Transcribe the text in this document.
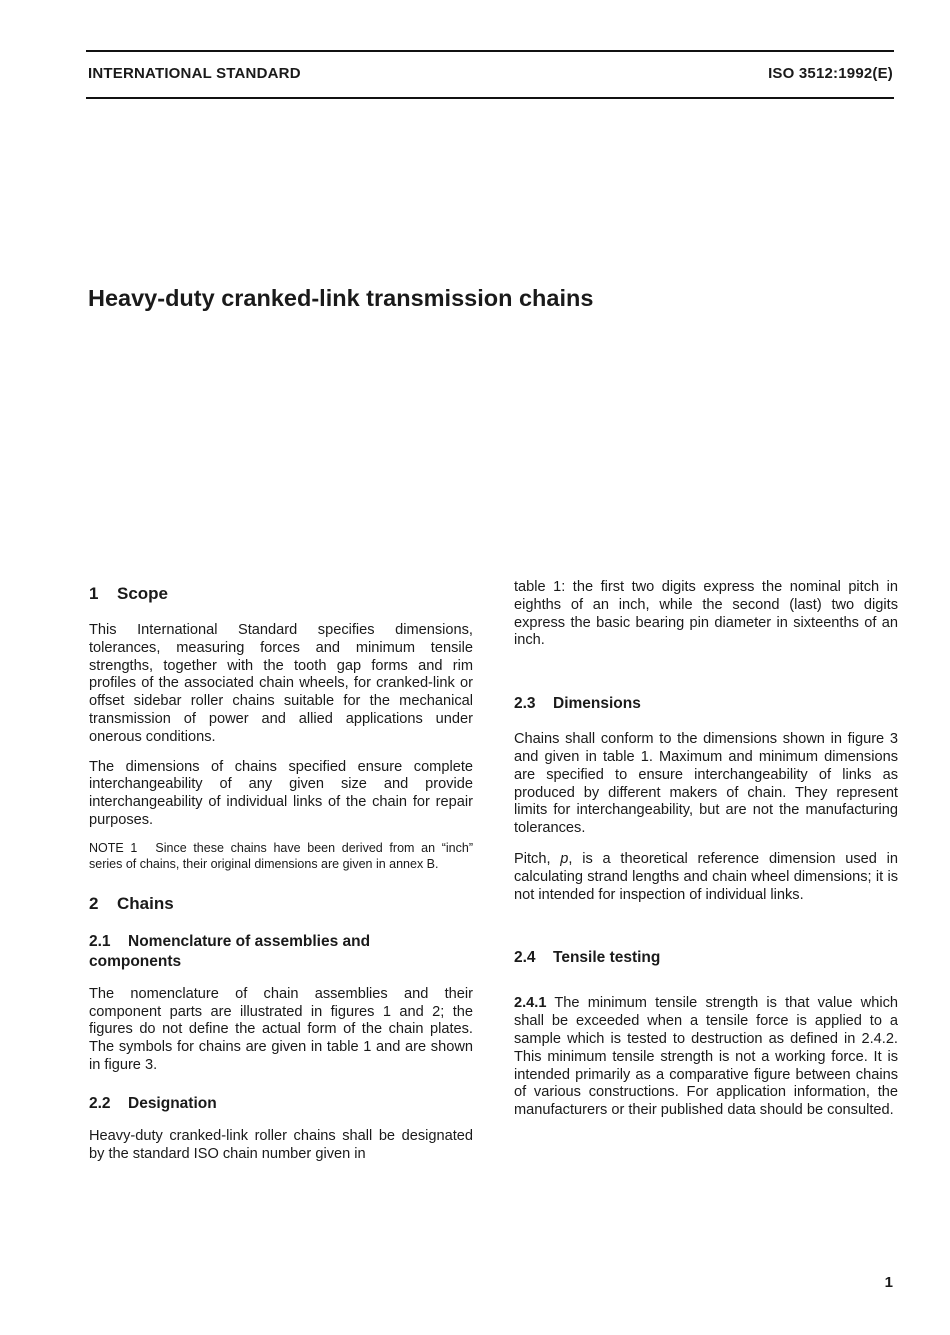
INTERNATIONAL STANDARD	ISO 3512:1992(E)
Heavy-duty cranked-link transmission chains
1 Scope

This International Standard specifies dimensions, tolerances, measuring forces and minimum tensile strengths, together with the tooth gap forms and rim profiles of the associated chain wheels, for cranked-link or offset sidebar roller chains suitable for the mechanical transmission of power and allied applications under onerous conditions.

The dimensions of chains specified ensure complete interchangeability of any given size and provide interchangeability of individual links of the chain for repair purposes.

NOTE 1 Since these chains have been derived from an “inch” series of chains, their original dimensions are given in annex B.

2 Chains
2.1 Nomenclature of assemblies and
components

The nomenclature of chain assemblies and their component parts are illustrated in figures 1 and 2; the figures do not define the actual form of the chain plates. The symbols for chains are given in table 1 and are shown in figure 3.

2.2 Designation

Heavy-duty cranked-link roller chains shall be designated by the standard ISO chain number given in

table 1: the first two digits express the nominal pitch in eighths of an inch, while the second (last) two digits express the basic bearing pin diameter in sixteenths of an inch.

2.3 Dimensions

Chains shall conform to the dimensions shown in figure 3 and given in table 1. Maximum and minimum dimensions are specified to ensure interchangeability of links as produced by different makers of chain. They represent limits for interchangeability, but are not the manufacturing tolerances.

Pitch, p, is a theoretical reference dimension used in calculating strand lengths and chain wheel dimensions; it is not intended for inspection of individual links.

2.4 Tensile testing

2.4.1 The minimum tensile strength is that value which shall be exceeded when a tensile force is applied to a sample which is tested to destruction as defined in 2.4.2. This minimum tensile strength is not a working force. It is intended primarily as a comparative figure between chains of various constructions. For application information, the manufacturers or their published data should be consulted.

1
